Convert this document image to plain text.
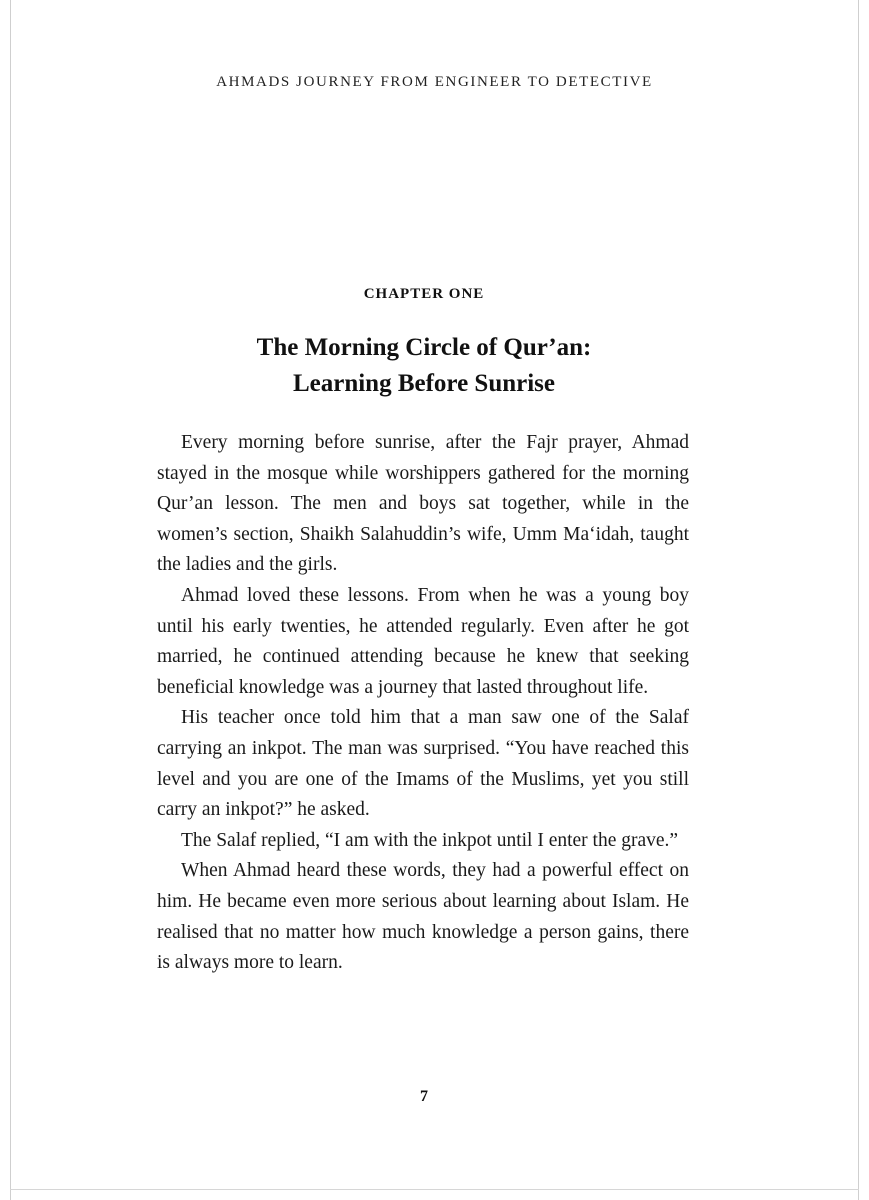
AHMADS JOURNEY FROM ENGINEER TO DETECTIVE
CHAPTER ONE
The Morning Circle of Qur’an:
Learning Before Sunrise

Every morning before sunrise, after the Fajr prayer, Ahmad stayed in the mosque while worshippers gathered for the morning Qur’an lesson. The men and boys sat together, while in the women’s section, Shaikh Salahuddin’s wife, Umm Ma‘idah, taught the ladies and the girls.

Ahmad loved these lessons. From when he was a young boy until his early twenties, he attended regularly. Even after he got married, he continued attending because he knew that seeking beneficial knowledge was a journey that lasted throughout life.

His teacher once told him that a man saw one of the Salaf carrying an inkpot. The man was surprised. “You have reached this level and you are one of the Imams of the Muslims, yet you still carry an inkpot?” he asked.

The Salaf replied, “I am with the inkpot until I enter the grave.”

When Ahmad heard these words, they had a powerful effect on him. He became even more serious about learning about Islam. He realised that no matter how much knowledge a person gains, there is always more to learn.

7
